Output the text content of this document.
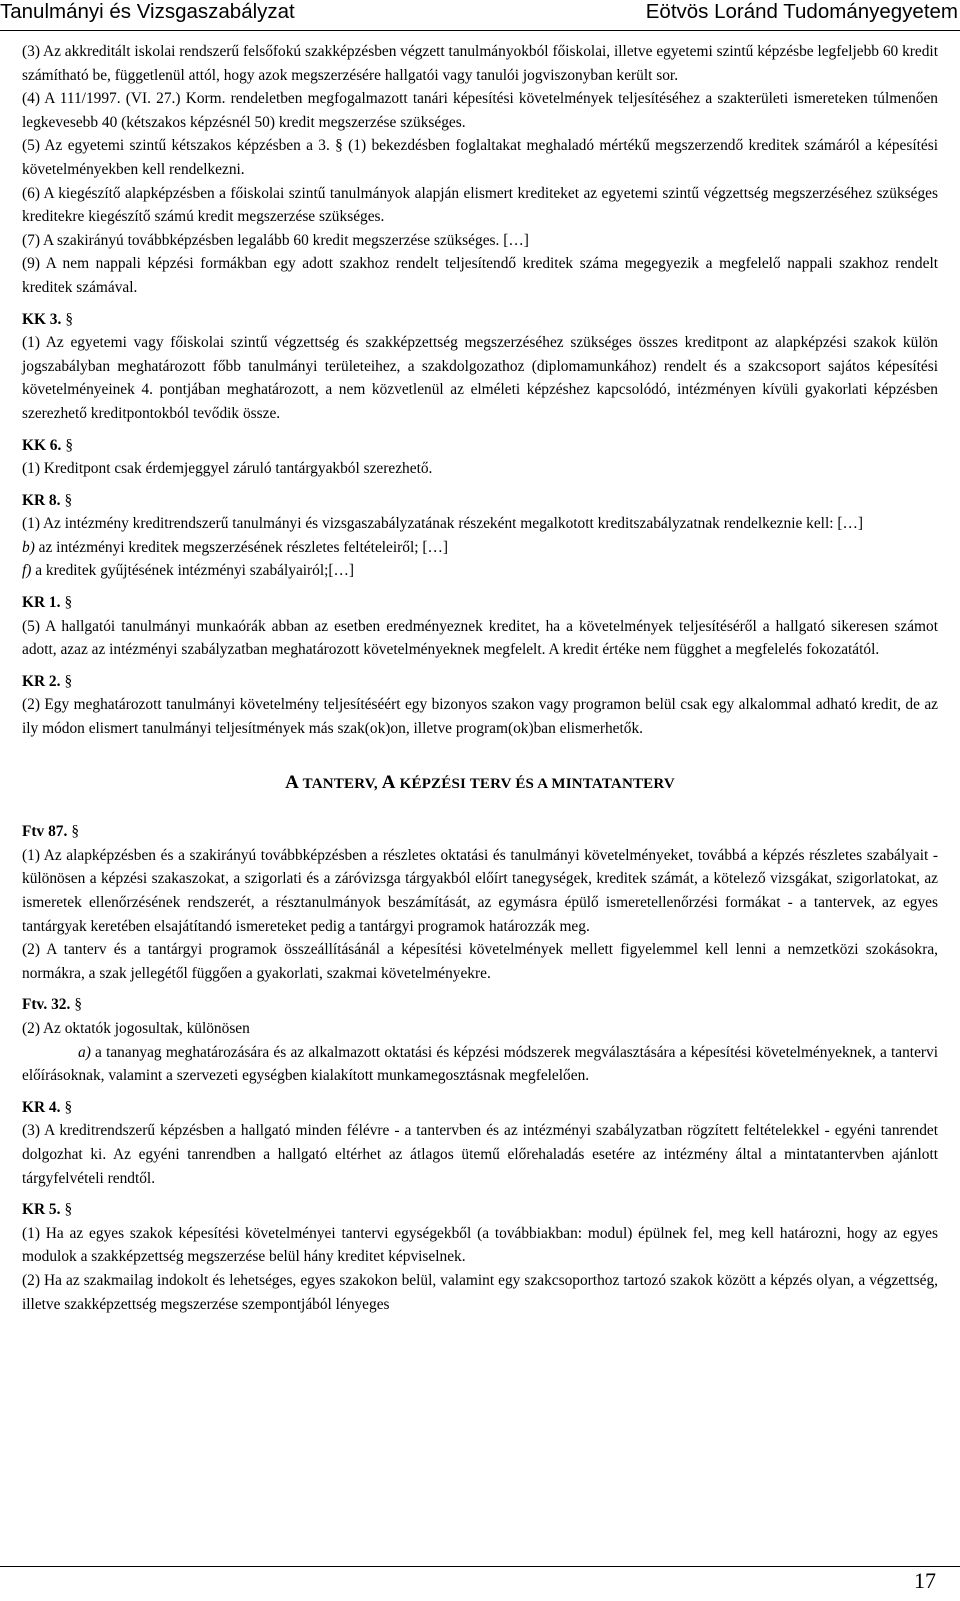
Tanulmányi és Vizsgaszabályzat	Eötvös Loránd Tudományegyetem

(3) Az akkreditált iskolai rendszerű felsőfokú szakképzésben végzett tanulmányokból főiskolai, illetve egyetemi szintű képzésbe legfeljebb 60 kredit számítható be, függetlenül attól, hogy azok megszerzésére hallgatói vagy tanulói jogviszonyban került sor.

(4) A 111/1997. (VI. 27.) Korm. rendeletben megfogalmazott tanári képesítési követelmények teljesítéséhez a szakterületi ismereteken túlmenően legkevesebb 40 (kétszakos képzésnél 50) kredit megszerzése szükséges.

(5) Az egyetemi szintű kétszakos képzésben a 3. § (1) bekezdésben foglaltakat meghaladó mértékű megszerzendő kreditek számáról a képesítési követelményekben kell rendelkezni.

(6) A kiegészítő alapképzésben a főiskolai szintű tanulmányok alapján elismert krediteket az egyetemi szintű végzettség megszerzéséhez szükséges kreditekre kiegészítő számú kredit megszerzése szükséges.

(7) A szakirányú továbbképzésben legalább 60 kredit megszerzése szükséges. […]

(9) A nem nappali képzési formákban egy adott szakhoz rendelt teljesítendő kreditek száma megegyezik a megfelelő nappali szakhoz rendelt kreditek számával.

KK 3. §

(1) Az egyetemi vagy főiskolai szintű végzettség és szakképzettség megszerzéséhez szükséges összes kreditpont az alapképzési szakok külön jogszabályban meghatározott főbb tanulmányi területeihez, a szakdolgozathoz (diplomamunkához) rendelt és a szakcsoport sajátos képesítési követelményeinek 4. pontjában meghatározott, a nem közvetlenül az elméleti képzéshez kapcsolódó, intézményen kívüli gyakorlati képzésben szerezhető kreditpontokból tevődik össze.

KK 6. §

(1) Kreditpont csak érdemjeggyel záruló tantárgyakból szerezhető.

KR 8. §

(1) Az intézmény kreditrendszerű tanulmányi és vizsgaszabályzatának részeként megalkotott kreditszabályzatnak rendelkeznie kell: […]

b) az intézményi kreditek megszerzésének részletes feltételeiről; […]

f) a kreditek gyűjtésének intézményi szabályairól;[…]

KR 1. §

(5) A hallgatói tanulmányi munkaórák abban az esetben eredményeznek kreditet, ha a követelmények teljesítéséről a hallgató sikeresen számot adott, azaz az intézményi szabályzatban meghatározott követelményeknek megfelelt. A kredit értéke nem függhet a megfelelés fokozatától.

KR 2. §

(2) Egy meghatározott tanulmányi követelmény teljesítéséért egy bizonyos szakon vagy programon belül csak egy alkalommal adható kredit, de az ily módon elismert tanulmányi teljesítmények más szak(ok)on, illetve program(ok)ban elismerhetők.

A TANTERV, A KÉPZÉSI TERV ÉS A MINTATANTERV

Ftv 87. §

(1) Az alapképzésben és a szakirányú továbbképzésben a részletes oktatási és tanulmányi követelményeket, továbbá a képzés részletes szabályait - különösen a képzési szakaszokat, a szigorlati és a záróvizsga tárgyakból előírt tanegységek, kreditek számát, a kötelező vizsgákat, szigorlatokat, az ismeretek ellenőrzésének rendszerét, a résztanulmányok beszámítását, az egymásra épülő ismeretellenőrzési formákat - a tantervek, az egyes tantárgyak keretében elsajátítandó ismereteket pedig a tantárgyi programok határozzák meg.

(2) A tanterv és a tantárgyi programok összeállításánál a képesítési követelmények mellett figyelemmel kell lenni a nemzetközi szokásokra, normákra, a szak jellegétől függően a gyakorlati, szakmai követelményekre.

Ftv. 32. §

(2) Az oktatók jogosultak, különösen

a) a tananyag meghatározására és az alkalmazott oktatási és képzési módszerek megválasztására a képesítési követelményeknek, a tantervi előírásoknak, valamint a szervezeti egységben kialakított munkamegosztásnak megfelelően.

KR 4. §

(3) A kreditrendszerű képzésben a hallgató minden félévre - a tantervben és az intézményi szabályzatban rögzített feltételekkel - egyéni tanrendet dolgozhat ki. Az egyéni tanrendben a hallgató eltérhet az átlagos ütemű előrehaladás esetére az intézmény által a mintatantervben ajánlott tárgyfelvételi rendtől.

KR 5. §

(1) Ha az egyes szakok képesítési követelményei tantervi egységekből (a továbbiakban: modul) épülnek fel, meg kell határozni, hogy az egyes modulok a szakképzettség megszerzése belül hány kreditet képviselnek.

(2) Ha az szakmailag indokolt és lehetséges, egyes szakokon belül, valamint egy szakcsoporthoz tartozó szakok között a képzés olyan, a végzettség, illetve szakképzettség megszerzése szempontjából lényeges

17
